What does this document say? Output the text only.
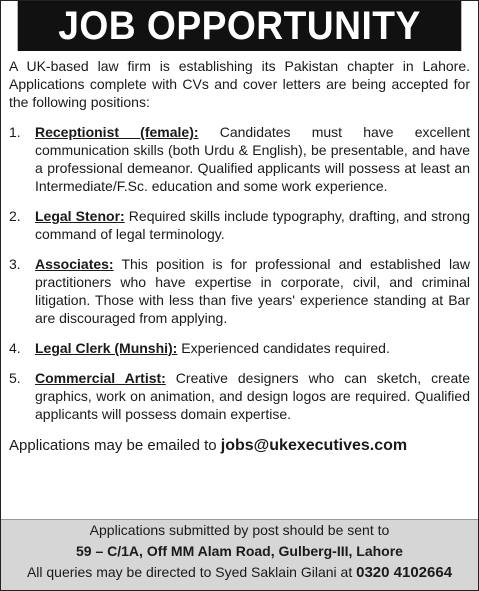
JOB OPPORTUNITY
A UK-based law firm is establishing its Pakistan chapter in Lahore. Applications complete with CVs and cover letters are being accepted for the following positions:
1.	Receptionist (female): Candidates must have excellent communication skills (both Urdu & English), be presentable, and have a professional demeanor. Qualified applicants will possess at least an Intermediate/F.Sc. education and some work experience.
2.	Legal Stenor: Required skills include typography, drafting, and strong command of legal terminology.
3.	Associates: This position is for professional and established law practitioners who have expertise in corporate, civil, and criminal litigation. Those with less than five years' experience standing at Bar are discouraged from applying.
4.	Legal Clerk (Munshi): Experienced candidates required.
5.	Commercial Artist: Creative designers who can sketch, create graphics, work on animation, and design logos are required. Qualified applicants will possess domain expertise.
Applications may be emailed to jobs@ukexecutives.com
Applications submitted by post should be sent to
59 – C/1A, Off MM Alam Road, Gulberg-III, Lahore
All queries may be directed to Syed Saklain Gilani at 0320 4102664
